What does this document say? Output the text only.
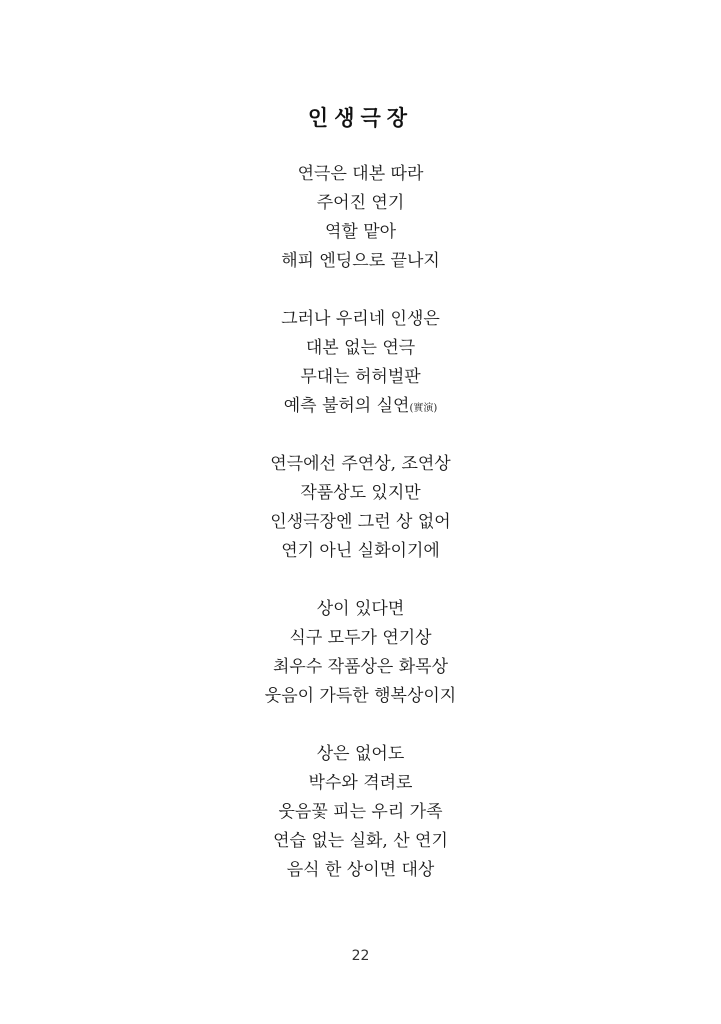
인생극장
연극은 대본 따라
주어진 연기
역할 맡아
해피 엔딩으로 끝나지
그러나 우리네 인생은
대본 없는 연극
무대는 허허벌판
예측 불허의 실연(實演)
연극에선 주연상, 조연상
작품상도 있지만
인생극장엔 그런 상 없어
연기 아닌 실화이기에
상이 있다면
식구 모두가 연기상
최우수 작품상은 화목상
웃음이 가득한 행복상이지
상은 없어도
박수와 격려로
웃음꽃 피는 우리 가족
연습 없는 실화, 산 연기
음식 한 상이면 대상
22
